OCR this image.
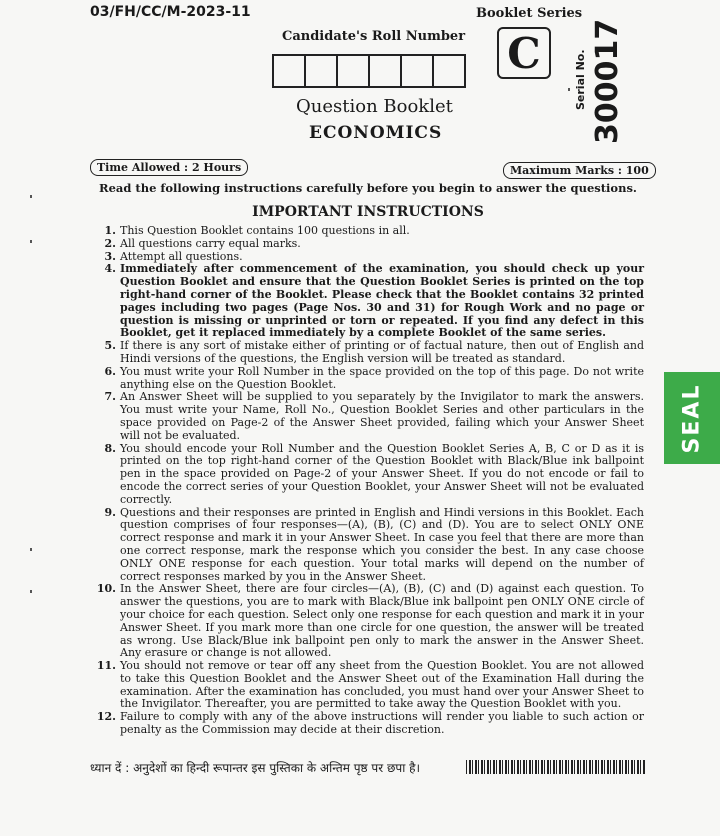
03/FH/CC/M-2023-11	Booklet Series
C
Candidate's Roll Number
Serial No. 300017
Question Booklet
ECONOMICS
Time Allowed : 2 Hours	Maximum Marks : 100
Read the following instructions carefully before you begin to answer the questions.
IMPORTANT INSTRUCTIONS
1. This Question Booklet contains 100 questions in all.
2. All questions carry equal marks.
3. Attempt all questions.
4. Immediately after commencement of the examination, you should check up your Question Booklet and ensure that the Question Booklet Series is printed on the top right-hand corner of the Booklet. Please check that the Booklet contains 32 printed pages including two pages (Page Nos. 30 and 31) for Rough Work and no page or question is missing or unprinted or torn or repeated. If you find any defect in this Booklet, get it replaced immediately by a complete Booklet of the same series.
5. If there is any sort of mistake either of printing or of factual nature, then out of English and Hindi versions of the questions, the English version will be treated as standard.
6. You must write your Roll Number in the space provided on the top of this page. Do not write anything else on the Question Booklet.
7. An Answer Sheet will be supplied to you separately by the Invigilator to mark the answers. You must write your Name, Roll No., Question Booklet Series and other particulars in the space provided on Page-2 of the Answer Sheet provided, failing which your Answer Sheet will not be evaluated.
8. You should encode your Roll Number and the Question Booklet Series A, B, C or D as it is printed on the top right-hand corner of the Question Booklet with Black/Blue ink ballpoint pen in the space provided on Page-2 of your Answer Sheet. If you do not encode or fail to encode the correct series of your Question Booklet, your Answer Sheet will not be evaluated correctly.
9. Questions and their responses are printed in English and Hindi versions in this Booklet. Each question comprises of four responses—(A), (B), (C) and (D). You are to select ONLY ONE correct response and mark it in your Answer Sheet. In case you feel that there are more than one correct response, mark the response which you consider the best. In any case choose ONLY ONE response for each question. Your total marks will depend on the number of correct responses marked by you in the Answer Sheet.
10. In the Answer Sheet, there are four circles—(A), (B), (C) and (D) against each question. To answer the questions, you are to mark with Black/Blue ink ballpoint pen ONLY ONE circle of your choice for each question. Select only one response for each question and mark it in your Answer Sheet. If you mark more than one circle for one question, the answer will be treated as wrong. Use Black/Blue ink ballpoint pen only to mark the answer in the Answer Sheet. Any erasure or change is not allowed.
11. You should not remove or tear off any sheet from the Question Booklet. You are not allowed to take this Question Booklet and the Answer Sheet out of the Examination Hall during the examination. After the examination has concluded, you must hand over your Answer Sheet to the Invigilator. Thereafter, you are permitted to take away the Question Booklet with you.
12. Failure to comply with any of the above instructions will render you liable to such action or penalty as the Commission may decide at their discretion.
ध्यान दें : अनुदेशों का हिन्दी रूपान्तर इस पुस्तिका के अन्तिम पृष्ठ पर छपा है।
SEAL
